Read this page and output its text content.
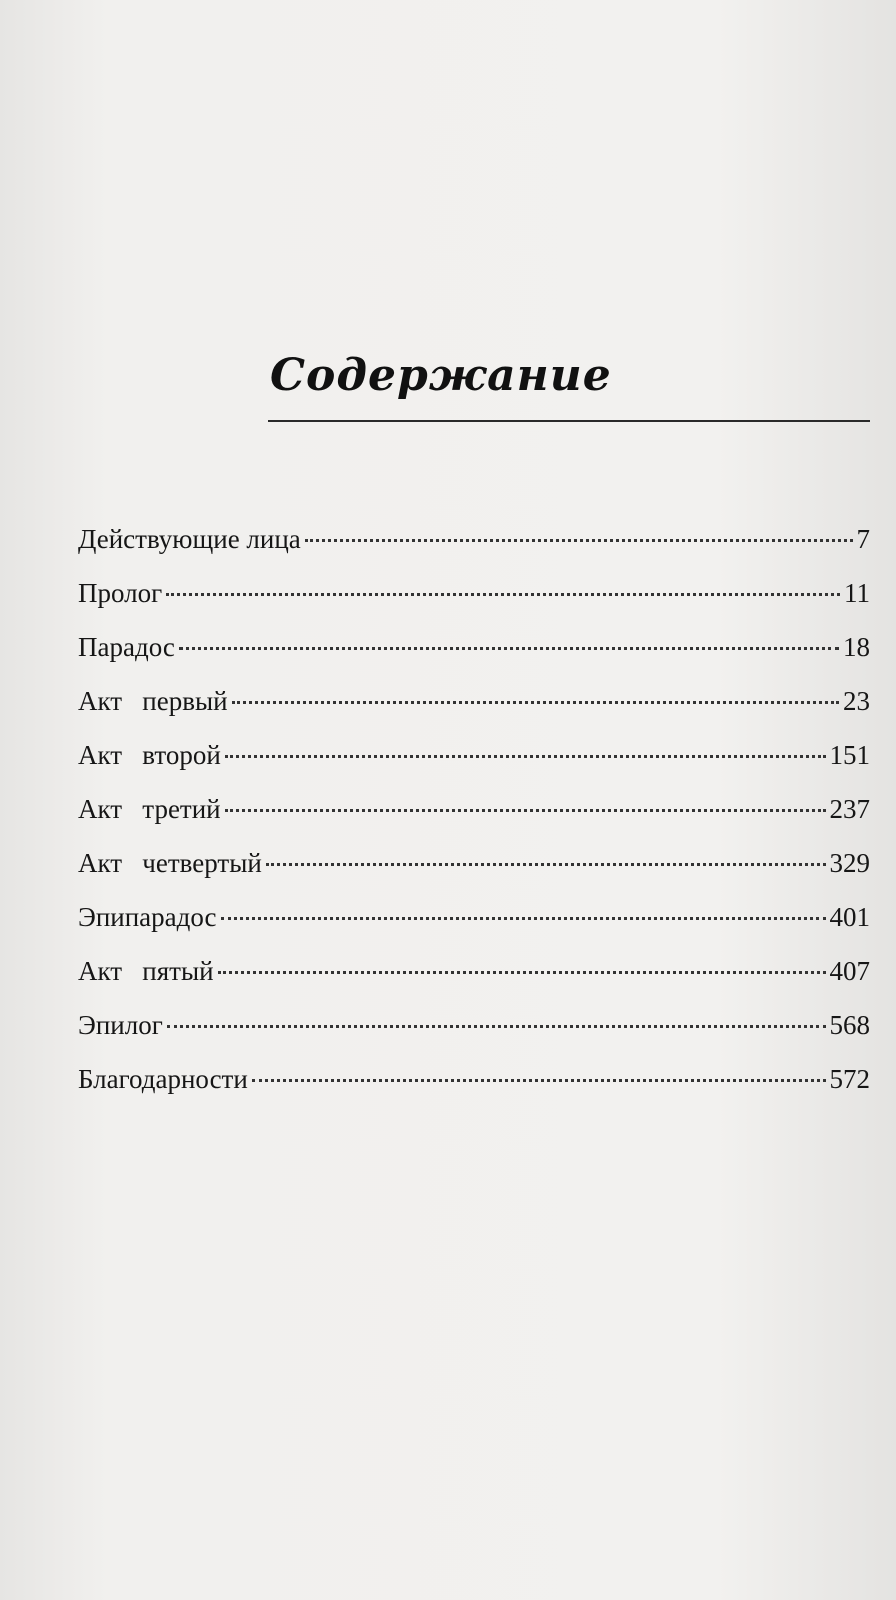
Содержание
Действующие лица	7
Пролог	11
Парадос	18
Акт   первый	23
Акт   второй	151
Акт   третий	237
Акт   четвертый	329
Эпипарадос	401
Акт   пятый	407
Эпилог	568
Благодарности	572
